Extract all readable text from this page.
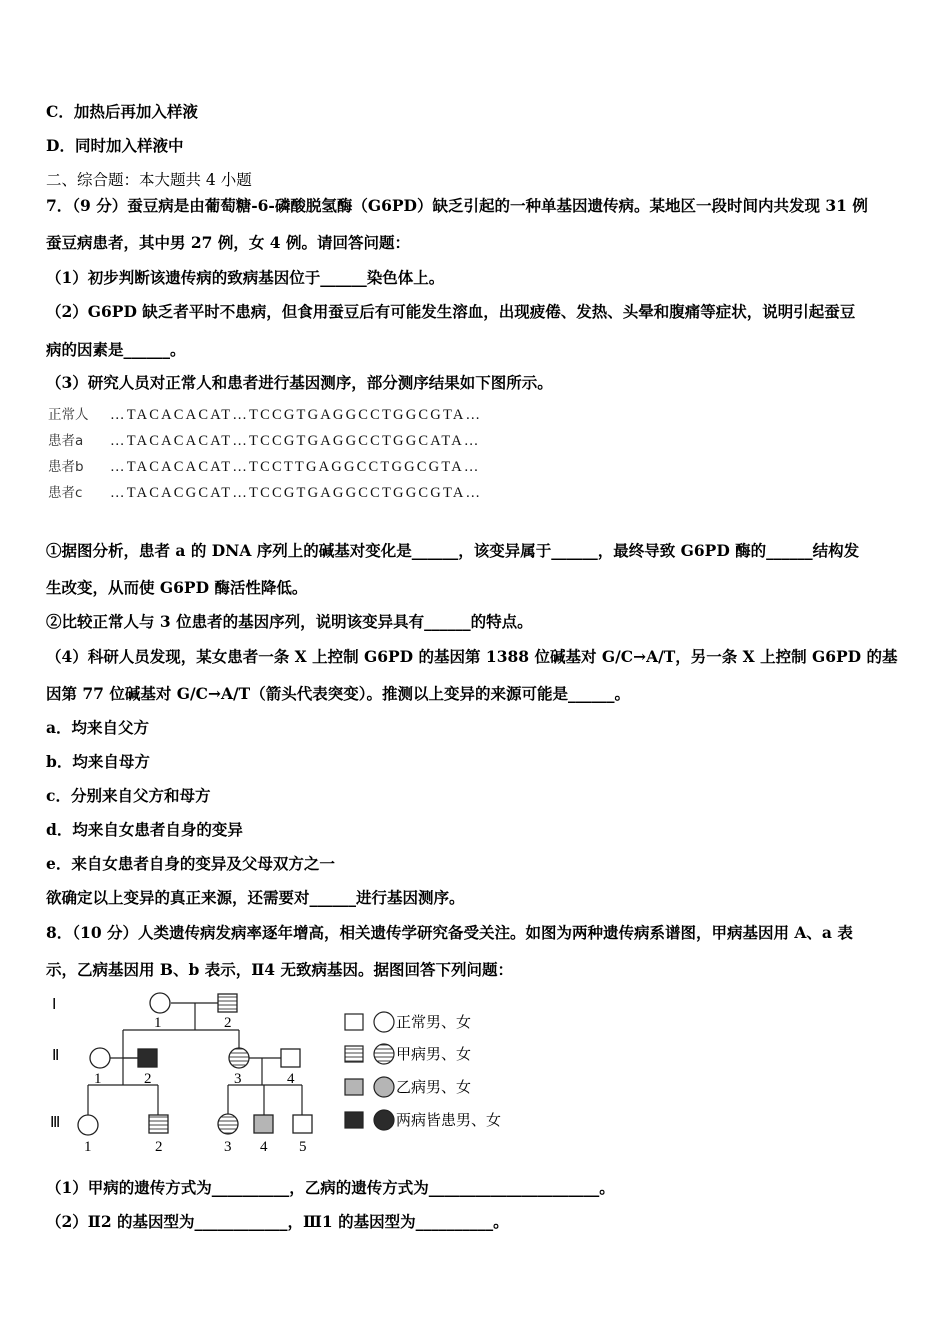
C．加热后再加入样液
D．同时加入样液中
二、综合题：本大题共 4 小题
7．（9 分）蚕豆病是由葡萄糖-6-磷酸脱氢酶（G6PD）缺乏引起的一种单基因遗传病。某地区一段时间内共发现 31 例
蚕豆病患者，其中男 27 例，女 4 例。请回答问题：
（1）初步判断该遗传病的致病基因位于______染色体上。
（2）G6PD 缺乏者平时不患病，但食用蚕豆后有可能发生溶血，出现疲倦、发热、头晕和腹痛等症状，说明引起蚕豆
病的因素是______。
（3）研究人员对正常人和患者进行基因测序，部分测序结果如下图所示。
正常人 …TACACACAT…TCCGTGAGGCCTGGCGTA…
患者a …TACACACAT…TCCGTGAGGCCTGGCATA…
患者b …TACACACAT…TCCTTGAGGCCTGGCGTA…
患者c …TACACGCAT…TCCGTGAGGCCTGGCGTA…
①据图分析，患者 a 的 DNA 序列上的碱基对变化是______，该变异属于______，最终导致 G6PD 酶的______结构发
生改变，从而使 G6PD 酶活性降低。
②比较正常人与 3 位患者的基因序列，说明该变异具有______的特点。
（4）科研人员发现，某女患者一条 X 上控制 G6PD 的基因第 1388 位碱基对 G/C→A/T，另一条 X 上控制 G6PD 的基
因第 77 位碱基对 G/C→A/T（箭头代表突变）。推测以上变异的来源可能是______。
a．均来自父方
b．均来自母方
c．分别来自父方和母方
d．均来自女患者自身的变异
e．来自女患者自身的变异及父母双方之一
欲确定以上变异的真正来源，还需要对______进行基因测序。
8．（10 分）人类遗传病发病率逐年增高，相关遗传学研究备受关注。如图为两种遗传病系谱图，甲病基因用 A、a 表
示，乙病基因用 B、b 表示，Ⅱ4 无致病基因。据图回答下列问题：
Ⅰ
Ⅱ
Ⅲ
1	2
1	2	3	4
1	2	3 4 5
正常男、女
甲病男、女
乙病男、女
两病皆患男、女
（1）甲病的遗传方式为__________，乙病的遗传方式为______________________。
（2）Ⅱ2 的基因型为____________，Ⅲ1 的基因型为__________。
